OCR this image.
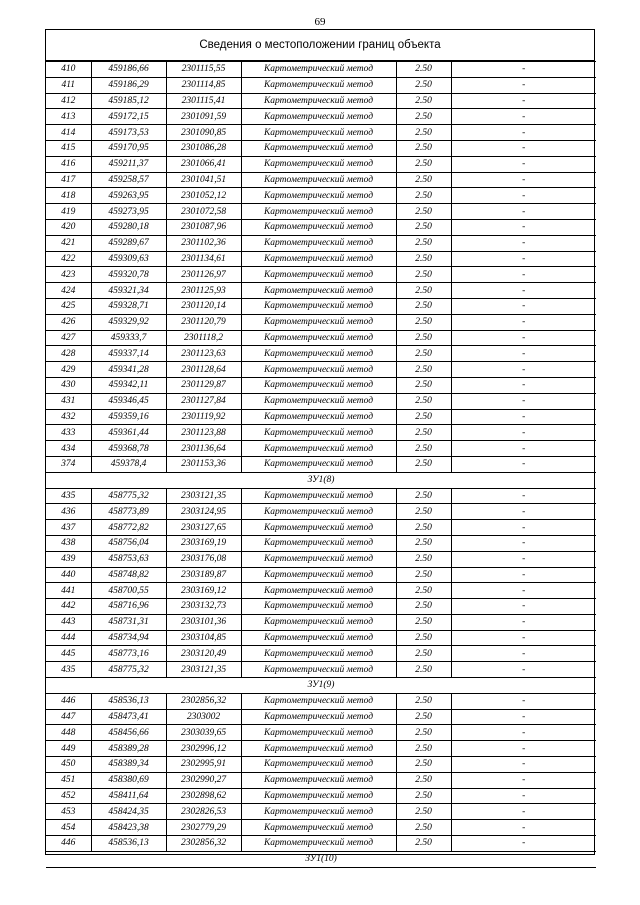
69
Сведения о местоположении границ объекта
410	459186,66	2301115,55	Картометрический метод	2.50	-
411	459186,29	2301114,85	Картометрический метод	2.50	-
412	459185,12	2301115,41	Картометрический метод	2.50	-
413	459172,15	2301091,59	Картометрический метод	2.50	-
414	459173,53	2301090,85	Картометрический метод	2.50	-
415	459170,95	2301086,28	Картометрический метод	2.50	-
416	459211,37	2301066,41	Картометрический метод	2.50	-
417	459258,57	2301041,51	Картометрический метод	2.50	-
418	459263,95	2301052,12	Картометрический метод	2.50	-
419	459273,95	2301072,58	Картометрический метод	2.50	-
420	459280,18	2301087,96	Картометрический метод	2.50	-
421	459289,67	2301102,36	Картометрический метод	2.50	-
422	459309,63	2301134,61	Картометрический метод	2.50	-
423	459320,78	2301126,97	Картометрический метод	2.50	-
424	459321,34	2301125,93	Картометрический метод	2.50	-
425	459328,71	2301120,14	Картометрический метод	2.50	-
426	459329,92	2301120,79	Картометрический метод	2.50	-
427	459333,7	2301118,2	Картометрический метод	2.50	-
428	459337,14	2301123,63	Картометрический метод	2.50	-
429	459341,28	2301128,64	Картометрический метод	2.50	-
430	459342,11	2301129,87	Картометрический метод	2.50	-
431	459346,45	2301127,84	Картометрический метод	2.50	-
432	459359,16	2301119,92	Картометрический метод	2.50	-
433	459361,44	2301123,88	Картометрический метод	2.50	-
434	459368,78	2301136,64	Картометрический метод	2.50	-
374	459378,4	2301153,36	Картометрический метод	2.50	-
ЗУ1(8)					
435	458775,32	2303121,35	Картометрический метод	2.50	-
436	458773,89	2303124,95	Картометрический метод	2.50	-
437	458772,82	2303127,65	Картометрический метод	2.50	-
438	458756,04	2303169,19	Картометрический метод	2.50	-
439	458753,63	2303176,08	Картометрический метод	2.50	-
440	458748,82	2303189,87	Картометрический метод	2.50	-
441	458700,55	2303169,12	Картометрический метод	2.50	-
442	458716,96	2303132,73	Картометрический метод	2.50	-
443	458731,31	2303101,36	Картометрический метод	2.50	-
444	458734,94	2303104,85	Картометрический метод	2.50	-
445	458773,16	2303120,49	Картометрический метод	2.50	-
435	458775,32	2303121,35	Картометрический метод	2.50	-
ЗУ1(9)					
446	458536,13	2302856,32	Картометрический метод	2.50	-
447	458473,41	2303002	Картометрический метод	2.50	-
448	458456,66	2303039,65	Картометрический метод	2.50	-
449	458389,28	2302996,12	Картометрический метод	2.50	-
450	458389,34	2302995,91	Картометрический метод	2.50	-
451	458380,69	2302990,27	Картометрический метод	2.50	-
452	458411,64	2302898,62	Картометрический метод	2.50	-
453	458424,35	2302826,53	Картометрический метод	2.50	-
454	458423,38	2302779,29	Картометрический метод	2.50	-
446	458536,13	2302856,32	Картометрический метод	2.50	-
ЗУ1(10)					
